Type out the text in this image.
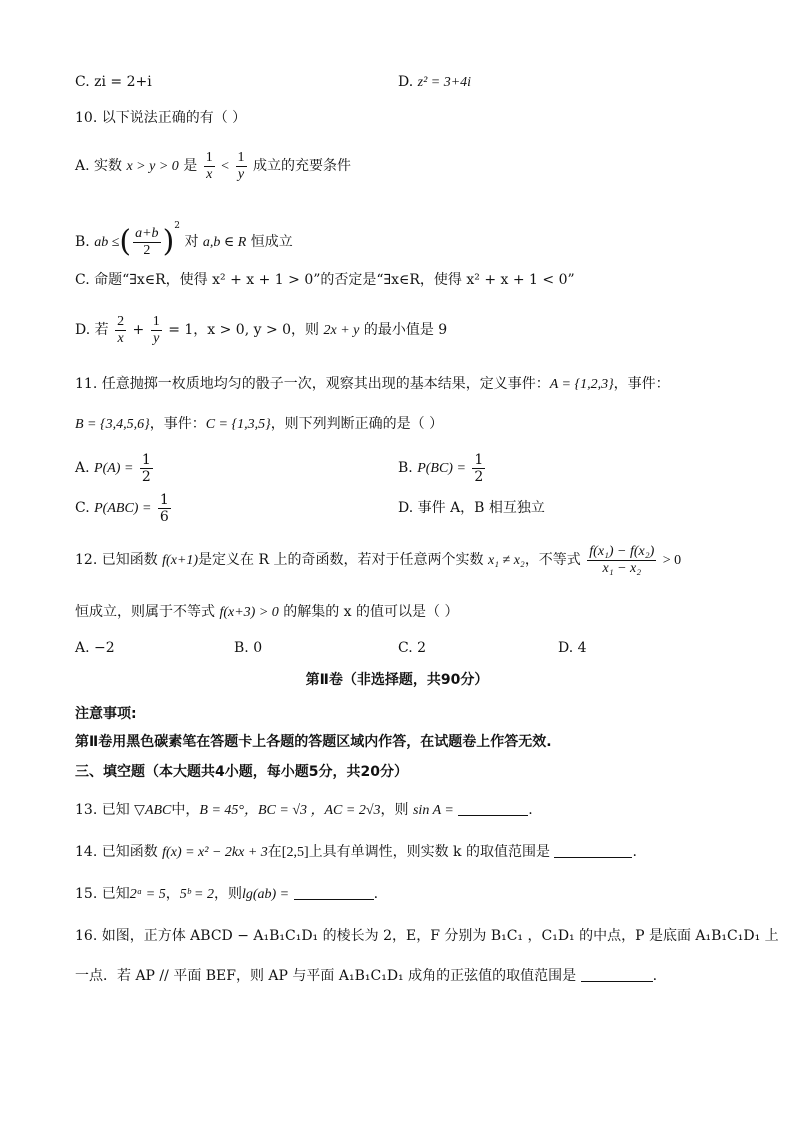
C. zi = 2+i	D. z² = 3+4i
10. 以下说法正确的有（ ）
A. 实数 x > y > 0 是 $\frac{1}{x} < \frac{1}{y}$ 成立的充要条件
B. ab ≤( $\frac{a+b}{2} )^2$ 对 a,b ∈ R 恒成立
C. 命题“∃x∈R，使得 x² + x + 1 > 0”的否定是“∃x∈R，使得 x² + x + 1 < 0”
D. 若 $\frac{2}{x} + \frac{1}{y} = 1$，x > 0, y > 0，则 2x + y 的最小值是 9
11. 任意抛掷一枚质地均匀的骰子一次，观察其出现的基本结果，定义事件：A = {1,2,3}，事件：
B = {3,4,5,6}，事件：C = {1,3,5}，则下列判断正确的是（ ）
A. $P(A) = \frac{1}{2}$	B. $P(BC) = \frac{1}{2}$
C. $P(ABC) = \frac{1}{6}$	D. 事件 A，B 相互独立
12. 已知函数 f(x+1)是定义在 R 上的奇函数，若对于任意两个实数 x₁ ≠ x₂，不等式 $\frac{\text{f(x₁) − f(x₂)}}{\text{x₁ − x₂}} > 0$
恒成立，则属于不等式 f(x+3) > 0 的解集的 x 的值可以是（ ）
A. −2	B. 0	C. 2	D. 4
第Ⅱ卷（非选择题，共90分）
注意事项:
第Ⅱ卷用黑色碳素笔在答题卡上各题的答题区域内作答，在试题卷上作答无效.
三、填空题（本大题共4小题，每小题5分，共20分）
13. 已知 ▽ABC中，B = 45°，BC = √3 ，AC = 2√3，则 sin A =	.
14. 已知函数 f(x) = x² − 2kx + 3在[2,5]上具有单调性，则实数 k 的取值范围是	.
15. 已知2ᵃ = 5，5ᵇ = 2，则lg(ab) =	.
16. 如图，正方体 ABCD − A₁B₁C₁D₁ 的棱长为 2，E，F 分别为 B₁C₁ ，C₁D₁ 的中点，P 是底面 A₁B₁C₁D₁ 上
一点．若 AP // 平面 BEF，则 AP 与平面 A₁B₁C₁D₁ 成角的正弦值的取值范围是	.
